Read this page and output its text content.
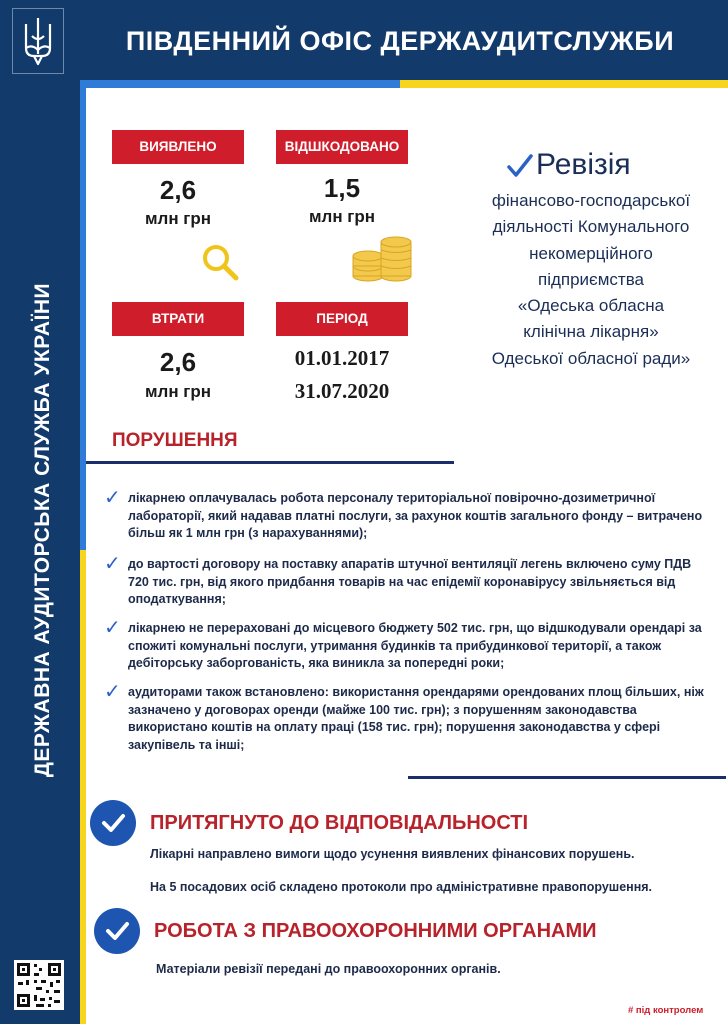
ПІВДЕННИЙ ОФІС ДЕРЖАУДИТСЛУЖБИ
ДЕРЖАВНА АУДИТОРСЬКА СЛУЖБА УКРАЇНИ
ВИЯВЛЕНО
2,6
млн грн
ВІДШКОДОВАНО
1,5
млн грн
ВТРАТИ
2,6
млн грн
ПЕРІОД
01.01.2017
31.07.2020
Ревізія
фінансово-господарської
діяльності Комунального
некомерційного
підприємства
«Одеська обласна
клінічна лікарня»
Одеської обласної ради»
ПОРУШЕННЯ
✓ лікарнею оплачувалась робота персоналу територіальної повірочно-дозиметричної лабораторії, який надавав платні послуги, за рахунок коштів загального фонду – витрачено більш як 1 млн грн (з нарахуваннями);
✓ до вартості договору на поставку апаратів штучної вентиляції легень включено суму ПДВ 720 тис. грн, від якого придбання товарів на час епідемії коронавірусу звільняється від оподаткування;
✓ лікарнею не перераховані до місцевого бюджету 502 тис. грн, що відшкодували орендарі за спожиті комунальні послуги, утримання будинків та прибудинкової території, а також дебіторську заборгованість, яка виникла за попередні роки;
✓ аудиторами також встановлено: використання орендарями орендованих площ більших, ніж зазначено у договорах оренди (майже 100 тис. грн); з порушенням законодавства використано коштів на оплату праці (158 тис. грн); порушення законодавства у сфері закупівель та інші;
ПРИТЯГНУТО ДО ВІДПОВІДАЛЬНОСТІ
Лікарні направлено вимоги щодо усунення виявлених фінансових порушень.
На 5 посадових осіб складено протоколи про адміністративне правопорушення.
РОБОТА З ПРАВООХОРОННИМИ ОРГАНАМИ
Матеріали ревізії передані до правоохоронних органів.
# під контролем
